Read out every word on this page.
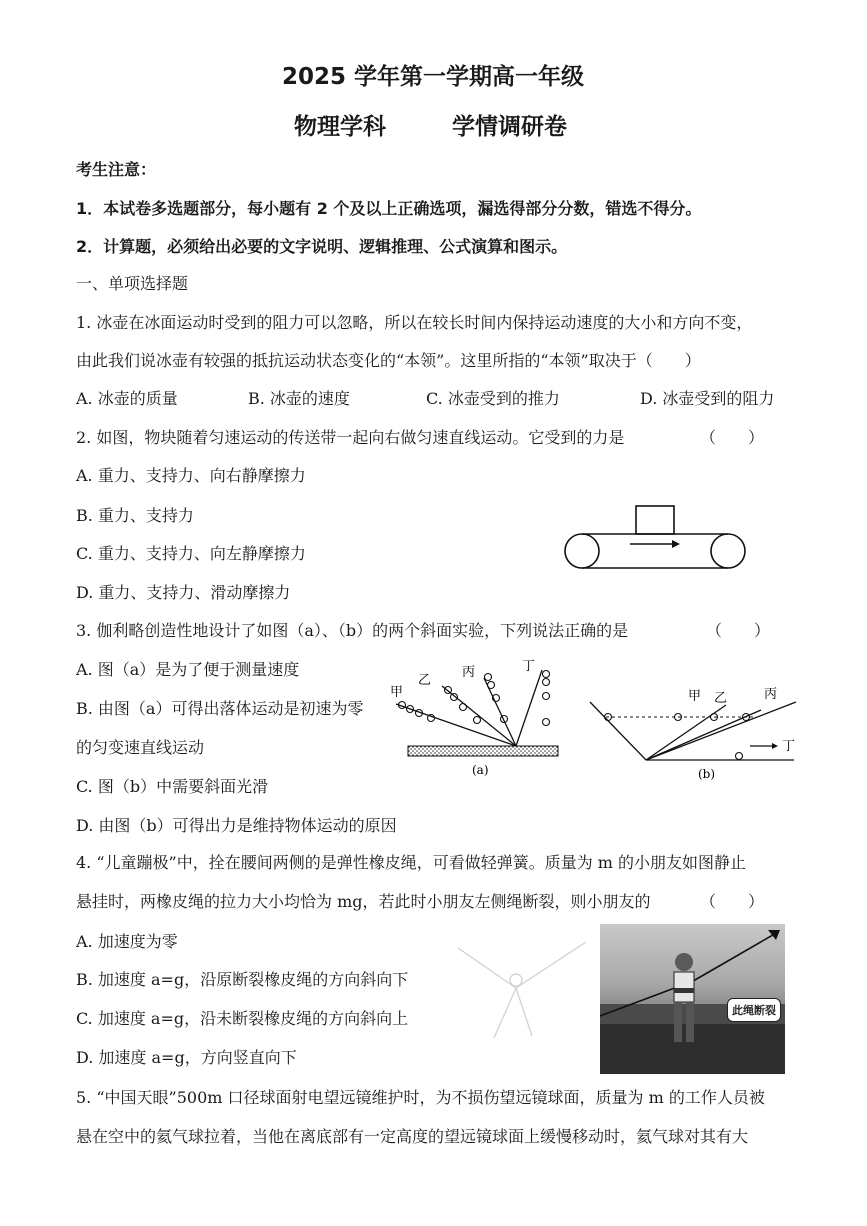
2025 学年第一学期高一年级
物理学科	学情调研卷
考生注意：
1．本试卷多选题部分，每小题有 2 个及以上正确选项，漏选得部分分数，错选不得分。
2．计算题，必须给出必要的文字说明、逻辑推理、公式演算和图示。
一、单项选择题
1. 冰壶在冰面运动时受到的阻力可以忽略，所以在较长时间内保持运动速度的大小和方向不变，
由此我们说冰壶有较强的抵抗运动状态变化的“本领”。这里所指的“本领”取决于（　　）
A. 冰壶的质量	B. 冰壶的速度	C. 冰壶受到的推力	D. 冰壶受到的阻力
2. 如图，物块随着匀速运动的传送带一起向右做匀速直线运动。它受到的力是	（　　）
A. 重力、支持力、向右静摩擦力
B. 重力、支持力
C. 重力、支持力、向左静摩擦力
D. 重力、支持力、滑动摩擦力
3. 伽利略创造性地设计了如图（a）、（b）的两个斜面实验，下列说法正确的是	（　　）
A. 图（a）是为了便于测量速度
B. 由图（a）可得出落体运动是初速为零
的匀变速直线运动
C. 图（b）中需要斜面光滑
D. 由图（b）可得出力是维持物体运动的原因
甲
乙
丙	丁
(a)
甲 乙	丙
丁
(b)
4. “儿童蹦极”中，拴在腰间两侧的是弹性橡皮绳，可看做轻弹簧。质量为 m 的小朋友如图静止
悬挂时，两橡皮绳的拉力大小均恰为 mg，若此时小朋友左侧绳断裂，则小朋友的	（　　）
A. 加速度为零
B. 加速度 a=g，沿原断裂橡皮绳的方向斜向下
C. 加速度 a=g，沿未断裂橡皮绳的方向斜向上
D. 加速度 a=g，方向竖直向下
此绳断裂
5. “中国天眼”500m 口径球面射电望远镜维护时，为不损伤望远镜球面，质量为 m 的工作人员被
悬在空中的氦气球拉着，当他在离底部有一定高度的望远镜球面上缓慢移动时，氦气球对其有大
